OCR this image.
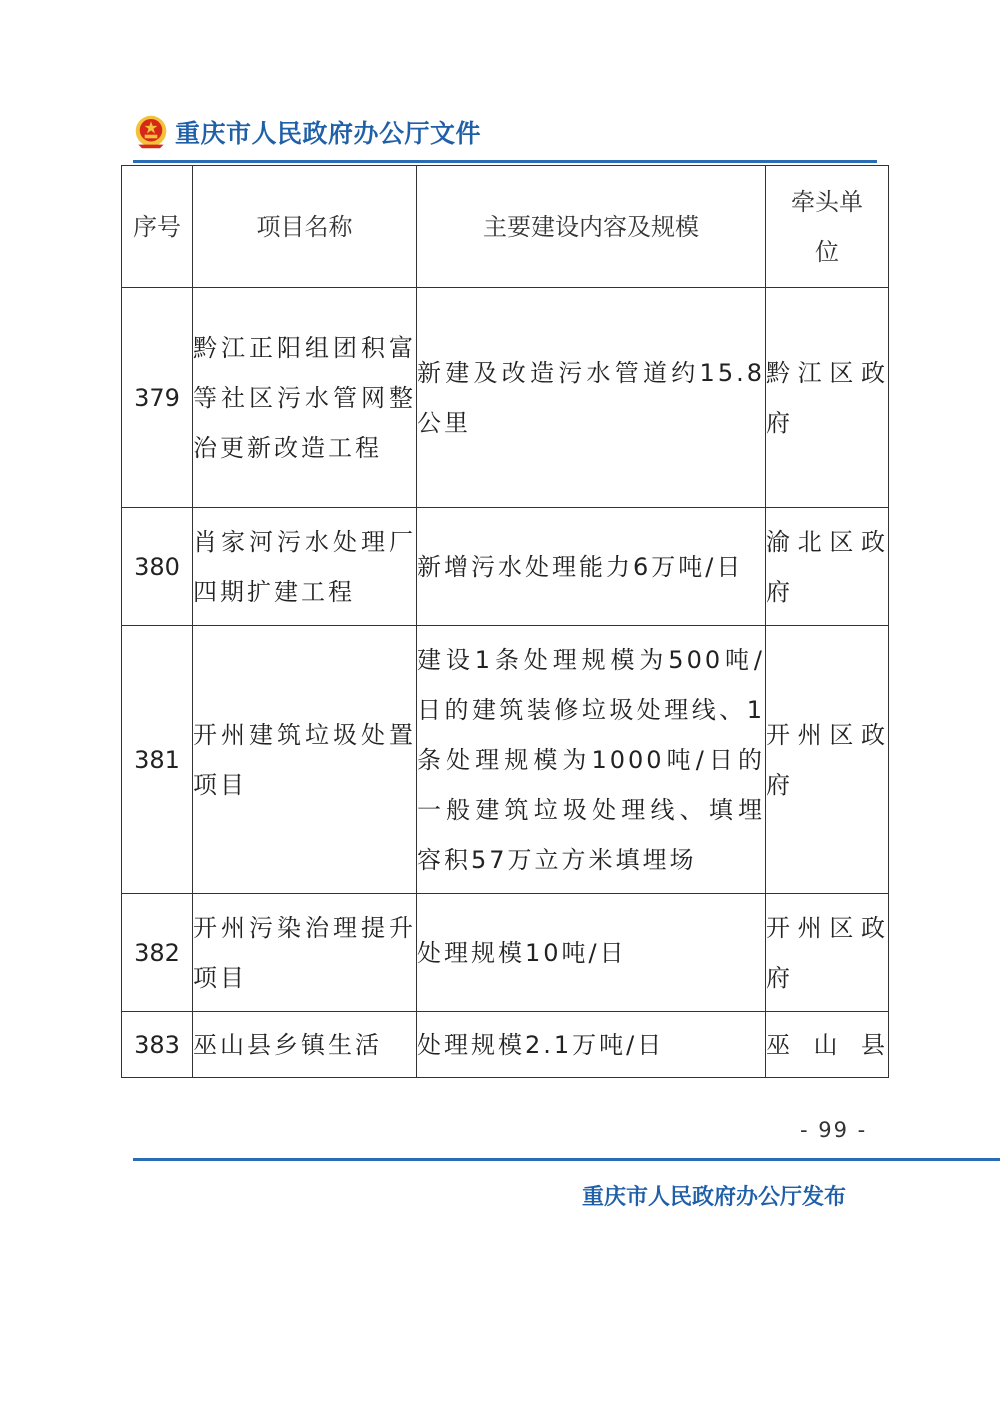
重庆市人民政府办公厅文件
序号	项目名称	主要建设内容及规模	牵头单位
379	黔江正阳组团积富等社区污水管网整治更新改造工程	新建及改造污水管道约15.8公里	黔江区政府
380	肖家河污水处理厂四期扩建工程	新增污水处理能力6万吨/日	渝北区政府
381	开州建筑垃圾处置项目	建设1条处理规模为500吨/日的建筑装修垃圾处理线、1条处理规模为1000吨/日的一般建筑垃圾处理线、填埋容积57万立方米填埋场	开州区政府
382	开州污染治理提升项目	处理规模10吨/日	开州区政府
383	巫山县乡镇生活	处理规模2.1万吨/日	巫山县
- 99 -
重庆市人民政府办公厅发布
